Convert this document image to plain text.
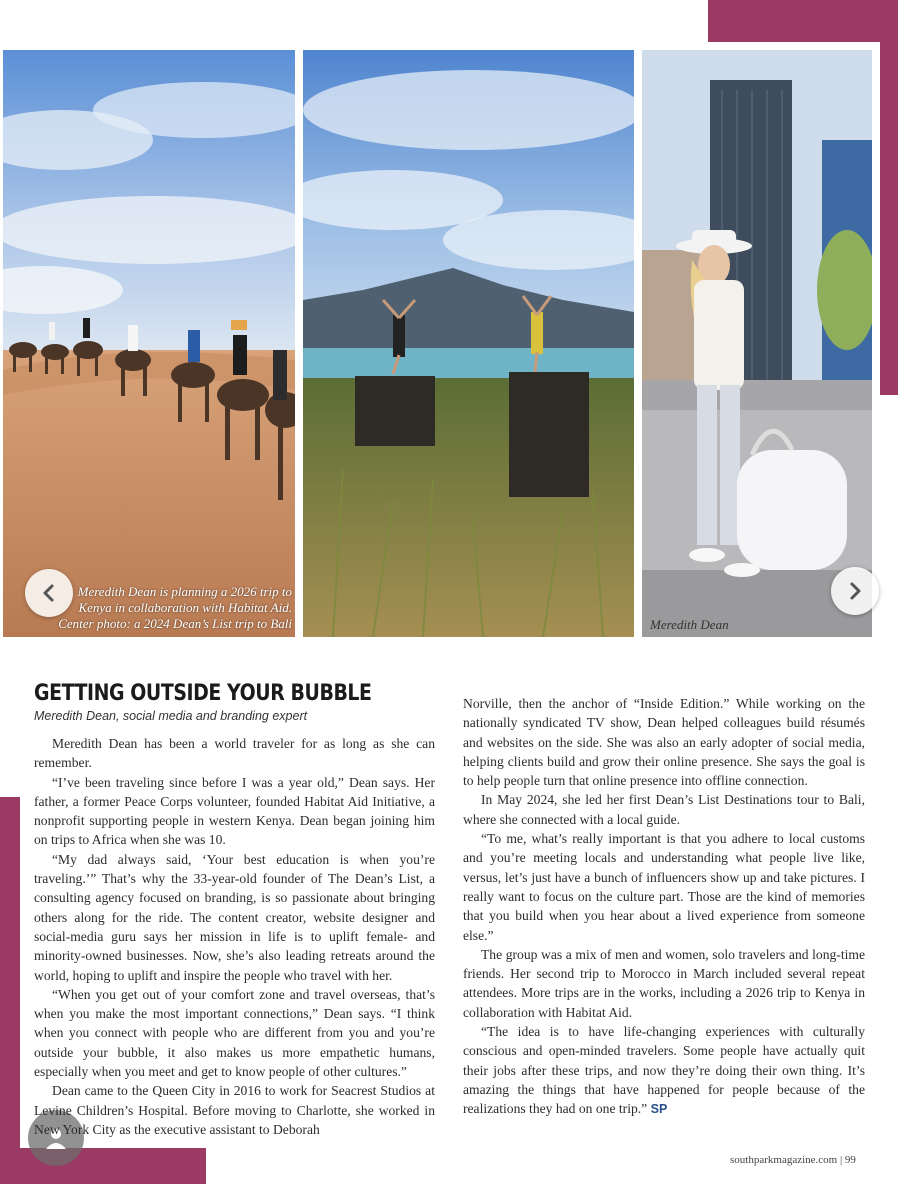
Meredith Dean is planning a 2026 trip to
Kenya in collaboration with Habitat Aid.
Center photo: a 2024 Dean’s List trip to Bali	Meredith Dean
GETTING OUTSIDE YOUR BUBBLE
Meredith Dean, social media and branding expert

Meredith Dean has been a world traveler for as long as she can remember.

“I’ve been traveling since before I was a year old,” Dean says. Her father, a former Peace Corps volunteer, founded Habitat Aid Initiative, a nonprofit supporting people in western Kenya. Dean began joining him on trips to Africa when she was 10.

“My dad always said, ‘Your best education is when you’re traveling.’” That’s why the 33-year-old founder of The Dean’s List, a consulting agency focused on branding, is so passionate about bringing others along for the ride. The content creator, website designer and social-media guru says her mission in life is to uplift female- and minority-owned businesses. Now, she’s also leading retreats around the world, hoping to uplift and inspire the people who travel with her.

“When you get out of your comfort zone and travel overseas, that’s when you make the most important connections,” Dean says. “I think when you connect with people who are different from you and you’re outside your bubble, it also makes us more empathetic humans, especially when you meet and get to know people of other cultures.”

Dean came to the Queen City in 2016 to work for Seacrest Studios at Levine Children’s Hospital. Before moving to Charlotte, she worked in New York City as the executive assistant to Deborah

Norville, then the anchor of “Inside Edition.” While working on the nationally syndicated TV show, Dean helped colleagues build résumés and websites on the side. She was also an early adopter of social media, helping clients build and grow their online presence. She says the goal is to help people turn that online presence into offline connection.

In May 2024, she led her first Dean’s List Destinations tour to Bali, where she connected with a local guide.

“To me, what’s really important is that you adhere to local customs and you’re meeting locals and understanding what people live like, versus, let’s just have a bunch of influencers show up and take pictures. I really want to focus on the culture part. Those are the kind of memories that you build when you hear about a lived experience from someone else.”

The group was a mix of men and women, solo travelers and long-time friends. Her second trip to Morocco in March included several repeat attendees. More trips are in the works, including a 2026 trip to Kenya in collaboration with Habitat Aid.

“The idea is to have life-changing experiences with culturally conscious and open-minded travelers. Some people have actually quit their jobs after these trips, and now they’re doing their own thing. It’s amazing the things that have happened for people because of the realizations they had on one trip.” SP

southparkmagazine.com | 99
